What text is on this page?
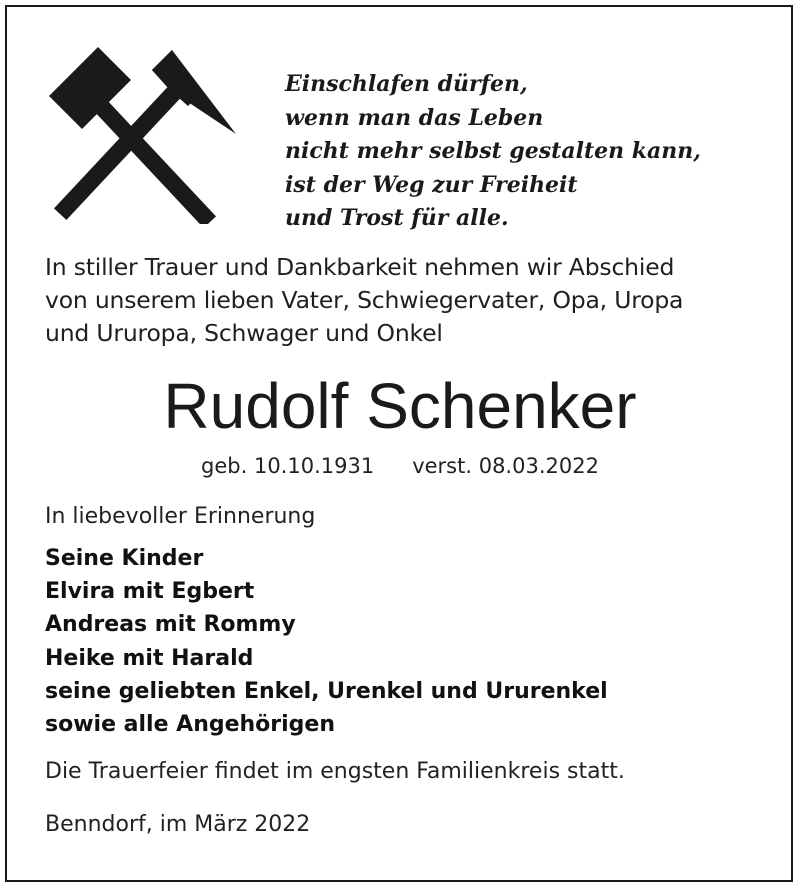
Einschlafen dürfen,
wenn man das Leben
nicht mehr selbst gestalten kann,
ist der Weg zur Freiheit
und Trost für alle.
In stiller Trauer und Dankbarkeit nehmen wir Abschied
von unserem lieben Vater, Schwiegervater, Opa, Uropa
und Ururopa, Schwager und Onkel
Rudolf Schenker
geb. 10.10.1931 verst. 08.03.2022
In liebevoller Erinnerung
Seine Kinder
Elvira mit Egbert
Andreas mit Rommy
Heike mit Harald
seine geliebten Enkel, Urenkel und Ururenkel
sowie alle Angehörigen
Die Trauerfeier findet im engsten Familienkreis statt.
Benndorf, im März 2022
